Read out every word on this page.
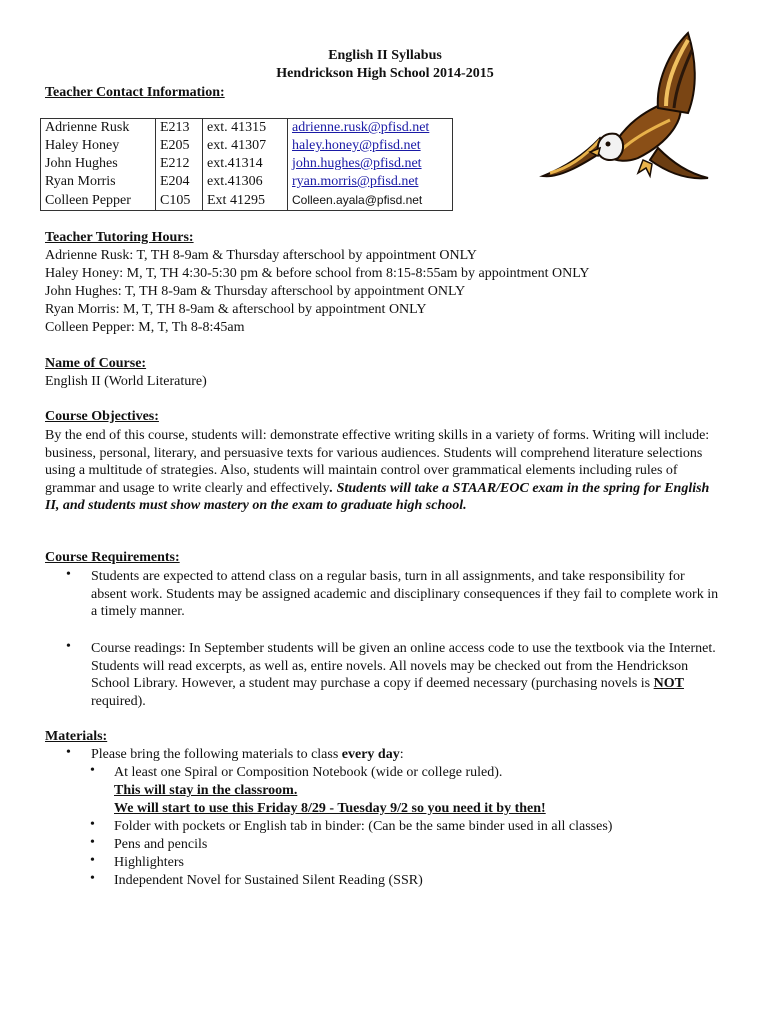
English II Syllabus
Hendrickson High School 2014-2015
Teacher Contact Information:
Adrienne Rusk	E213	ext. 41315	adrienne.rusk@pfisd.net
Haley Honey	E205	ext. 41307	haley.honey@pfisd.net
John Hughes	E212	ext.41314	john.hughes@pfisd.net
Ryan Morris	E204	ext.41306	ryan.morris@pfisd.net
Colleen Pepper	C105	Ext 41295	Colleen.ayala@pfisd.net
Teacher Tutoring Hours:
Adrienne Rusk: T, TH 8-9am & Thursday afterschool by appointment ONLY
Haley Honey: M, T, TH 4:30-5:30 pm & before school from 8:15-8:55am by appointment ONLY
John Hughes: T, TH 8-9am & Thursday afterschool by appointment ONLY
Ryan Morris: M, T, TH 8-9am & afterschool by appointment ONLY
Colleen Pepper: M, T, Th 8-8:45am
Name of Course:
English II (World Literature)
Course Objectives:
By the end of this course, students will: demonstrate effective writing skills in a variety of forms. Writing will include: business, personal, literary, and persuasive texts for various audiences. Students will comprehend literature selections using a multitude of strategies. Also, students will maintain control over grammatical elements including rules of grammar and usage to write clearly and effectively. Students will take a STAAR/EOC exam in the spring for English II, and students must show mastery on the exam to graduate high school.
Course Requirements:
• Students are expected to attend class on a regular basis, turn in all assignments, and take responsibility for absent work. Students may be assigned academic and disciplinary consequences if they fail to complete work in a timely manner.
• Course readings: In September students will be given an online access code to use the textbook via the Internet. Students will read excerpts, as well as, entire novels. All novels may be checked out from the Hendrickson School Library. However, a student may purchase a copy if deemed necessary (purchasing novels is NOT required).
Materials:
• Please bring the following materials to class every day:
• At least one Spiral or Composition Notebook (wide or college ruled).
This will stay in the classroom.
We will start to use this Friday 8/29 - Tuesday 9/2 so you need it by then!
• Folder with pockets or English tab in binder: (Can be the same binder used in all classes)
• Pens and pencils
• Highlighters
• Independent Novel for Sustained Silent Reading (SSR)
